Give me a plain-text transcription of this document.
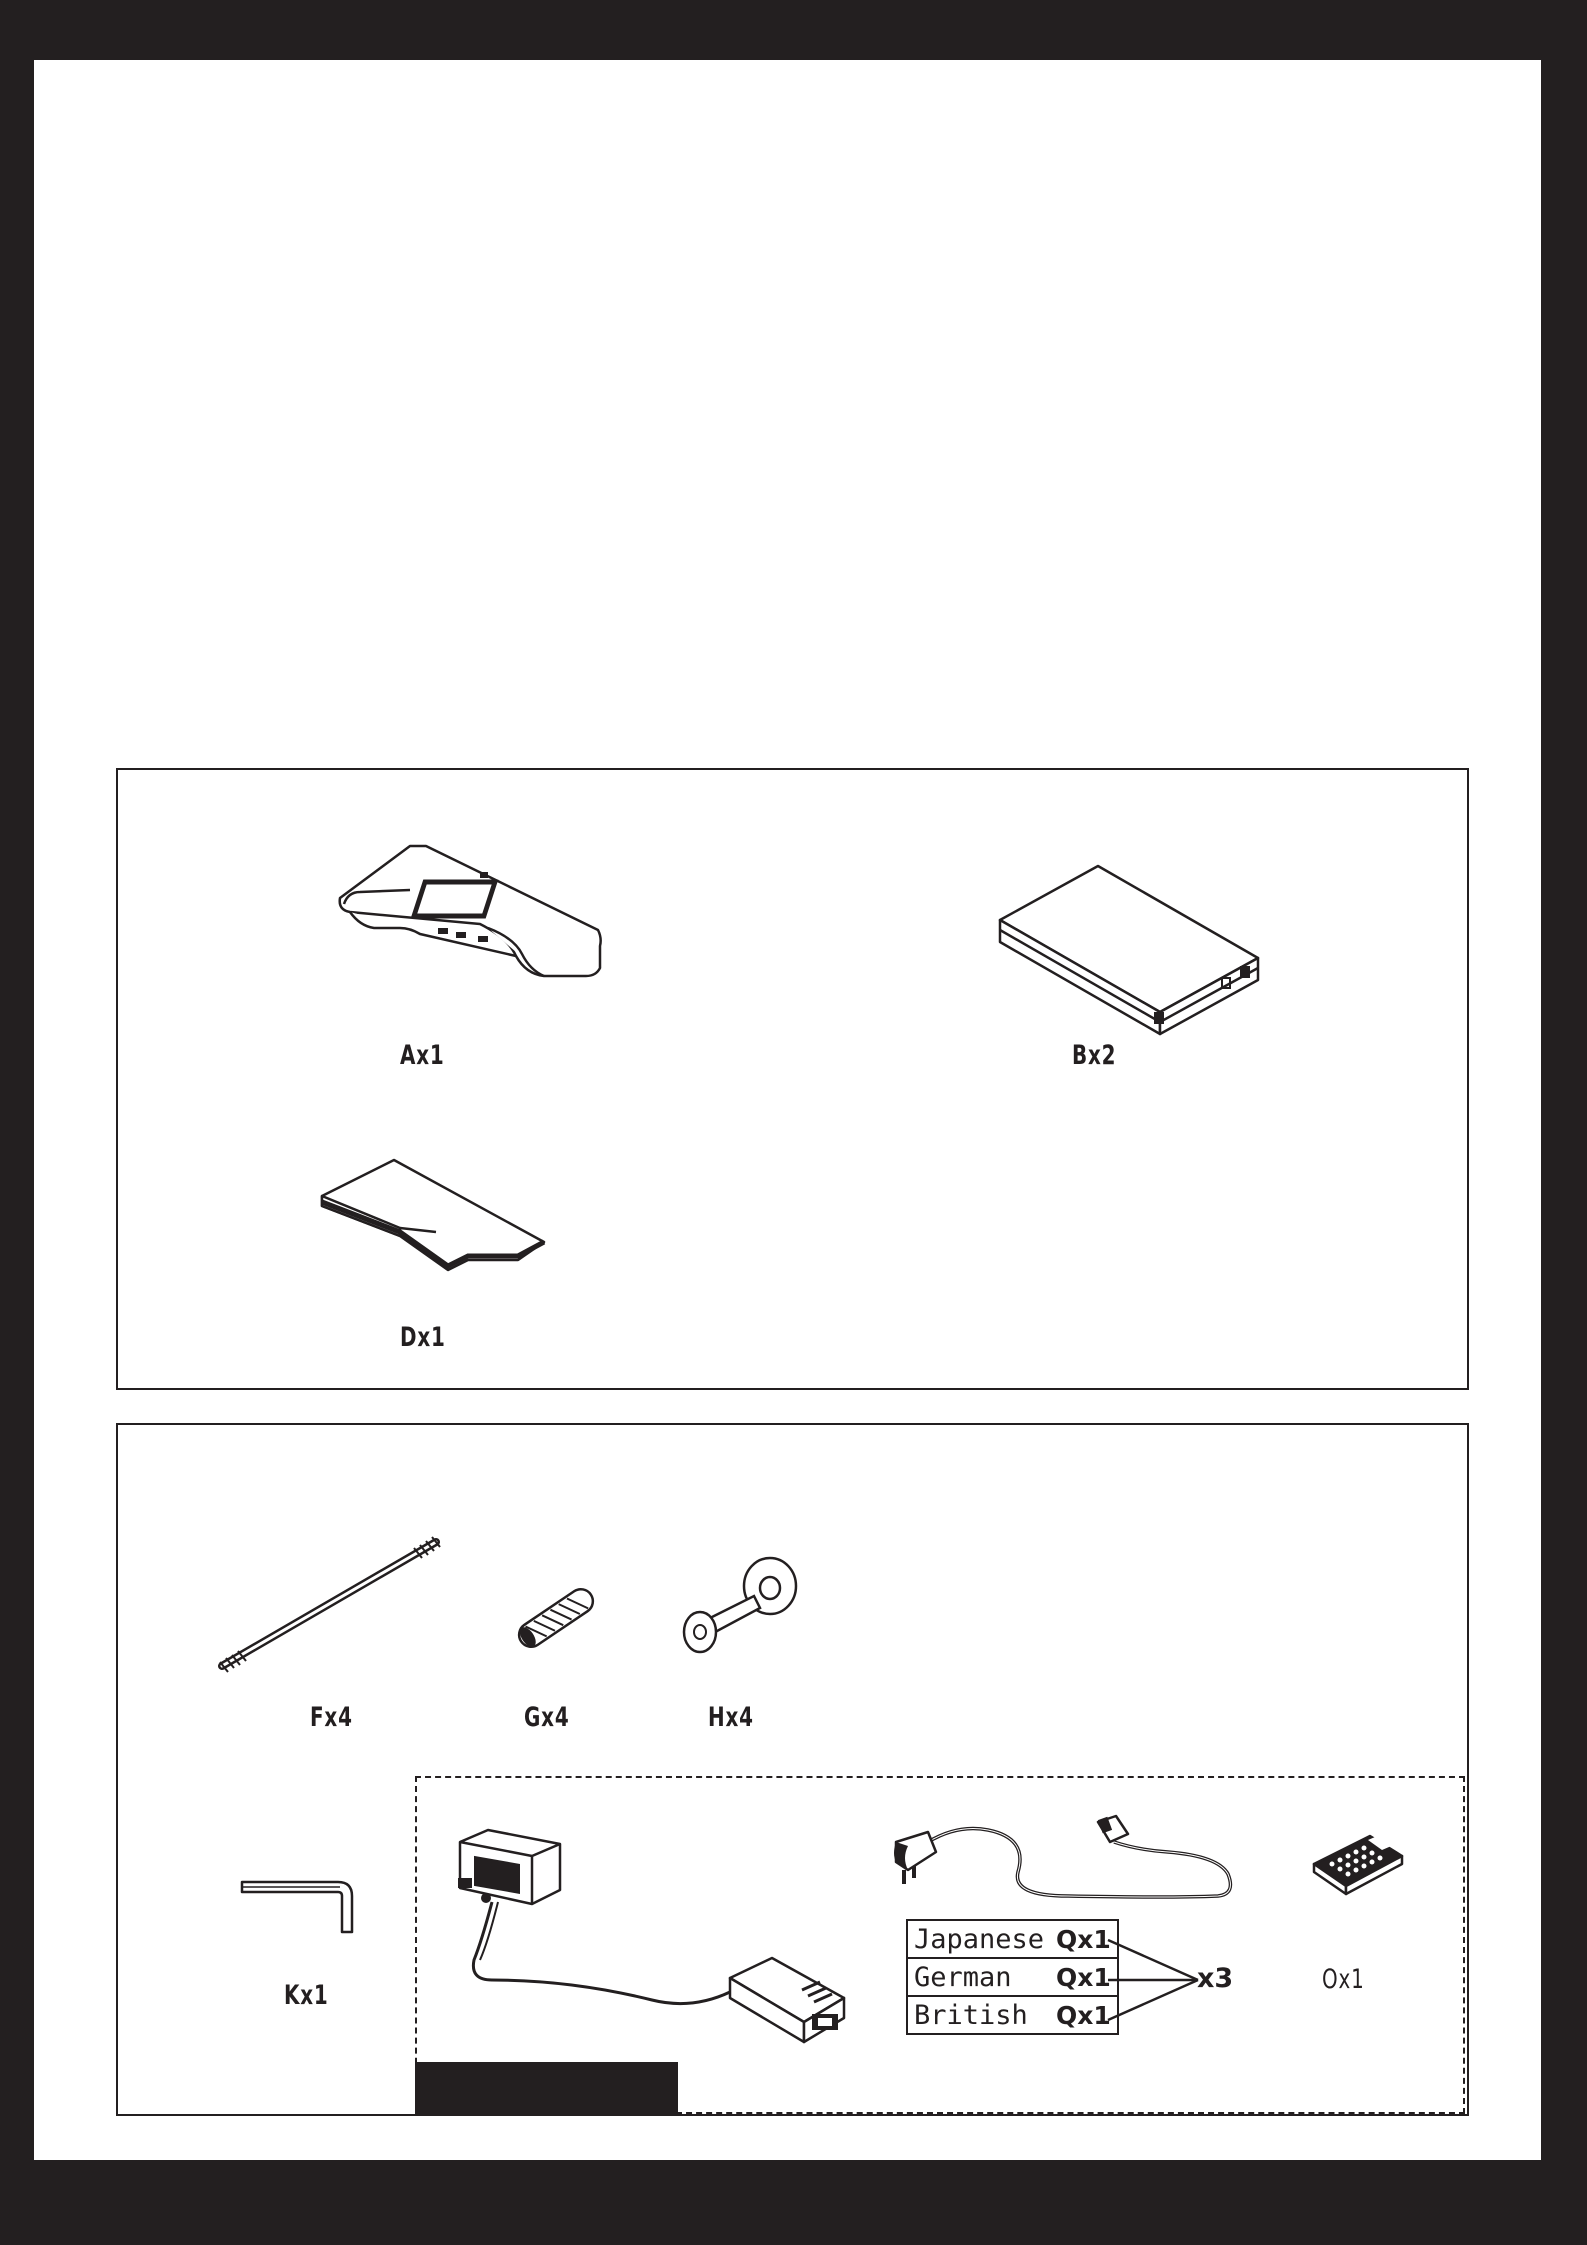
Ax1	Bx2
Dx1
Fx4	Gx4	Hx4
Kx1
Japanese	Qx1
German	Qx1
British	Qx1
x3	Ox1
